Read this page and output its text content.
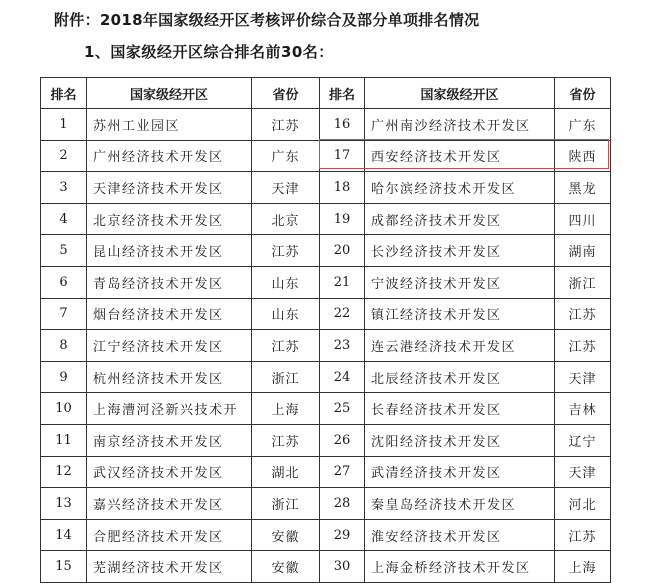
附件：2018年国家级经开区考核评价综合及部分单项排名情况
1、国家级经开区综合排名前30名：
排名	国家级经开区	省份	排名	国家级经开区	省份
1	苏州工业园区	江苏	16	广州南沙经济技术开发区	广东
2	广州经济技术开发区	广东	17	西安经济技术开发区	陕西
3	天津经济技术开发区	天津	18	哈尔滨经济技术开发区	黑龙
4	北京经济技术开发区	北京	19	成都经济技术开发区	四川
5	昆山经济技术开发区	江苏	20	长沙经济技术开发区	湖南
6	青岛经济技术开发区	山东	21	宁波经济技术开发区	浙江
7	烟台经济技术开发区	山东	22	镇江经济技术开发区	江苏
8	江宁经济技术开发区	江苏	23	连云港经济技术开发区	江苏
9	杭州经济技术开发区	浙江	24	北辰经济技术开发区	天津
10	上海漕河泾新兴技术开	上海	25	长春经济技术开发区	吉林
11	南京经济技术开发区	江苏	26	沈阳经济技术开发区	辽宁
12	武汉经济技术开发区	湖北	27	武清经济技术开发区	天津
13	嘉兴经济技术开发区	浙江	28	秦皇岛经济技术开发区	河北
14	合肥经济技术开发区	安徽	29	淮安经济技术开发区	江苏
15	芜湖经济技术开发区	安徽	30	上海金桥经济技术开发区	上海
